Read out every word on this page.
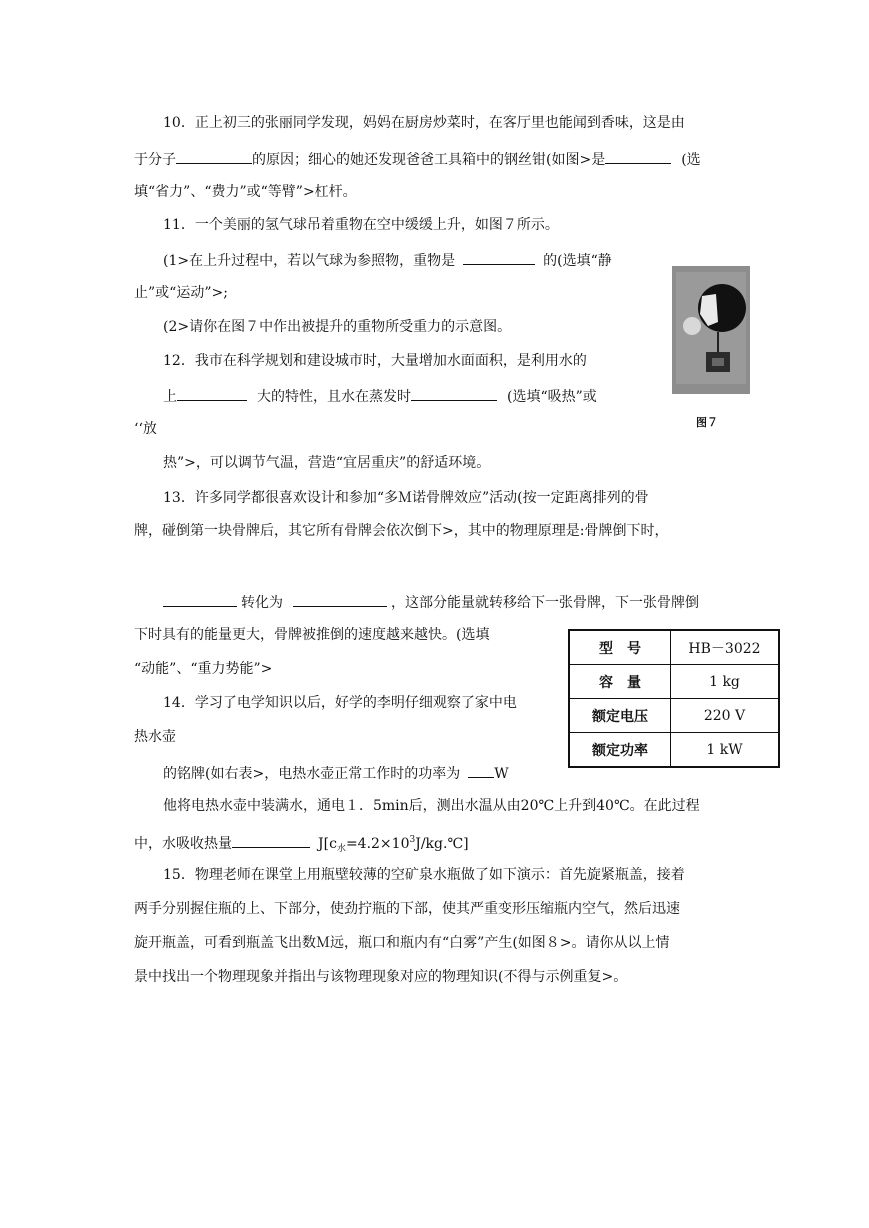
10．正上初三的张丽同学发现，妈妈在厨房炒菜时，在客厅里也能闻到香味，这是由
于分子	的原因；细心的她还发现爸爸工具箱中的钢丝钳(如图>是	(选
填“省力”、“费力”或“等臂”>杠杆。
11．一个美丽的氢气球吊着重物在空中缓缓上升，如图７所示。
(1>在上升过程中，若以气球为参照物，重物是	的(选填“静
止”或“运动”>;
(2>请你在图７中作出被提升的重物所受重力的示意图。
图７
12．我市在科学规划和建设城市时，大量增加水面面积，是利用水的
上	大的特性，且水在蒸发时	(选填“吸热”或
‘‘放
热”>，可以调节气温，营造“宜居重庆”的舒适环境。
13．许多同学都很喜欢设计和参加“多Ｍ诺骨牌效应”活动(按一定距离排列的骨
牌，碰倒第一块骨牌后，其它所有骨牌会依次倒下>，其中的物理原理是:骨牌倒下时，
转化为	，这部分能量就转移给下一张骨牌，下一张骨牌倒
下时具有的能量更大，骨牌被推倒的速度越来越快。(选填
“动能”、“重力势能”>
型　号	HB－3022
容　量	1 kg
额定电压	220 V
额定功率	1 kW
14．学习了电学知识以后，好学的李明仔细观察了家中电
热水壶
的铭牌(如右表>，电热水壶正常工作时的功率为 W
他将电热水壶中装满水，通电１．5min后，测出水温从由20℃上升到40℃。在此过程
中，水吸收热量	$J[c_水=4.2\times 10^3J/kg.℃]$
15．物理老师在课堂上用瓶壁较薄的空矿泉水瓶做了如下演示：首先旋紧瓶盖，接着
两手分别握住瓶的上、下部分，使劲拧瓶的下部，使其严重变形压缩瓶内空气，然后迅速
旋开瓶盖，可看到瓶盖飞出数Ｍ远，瓶口和瓶内有“白雾”产生(如图８>。请你从以上情
景中找出一个物理现象并指出与该物理现象对应的物理知识(不得与示例重复>。
